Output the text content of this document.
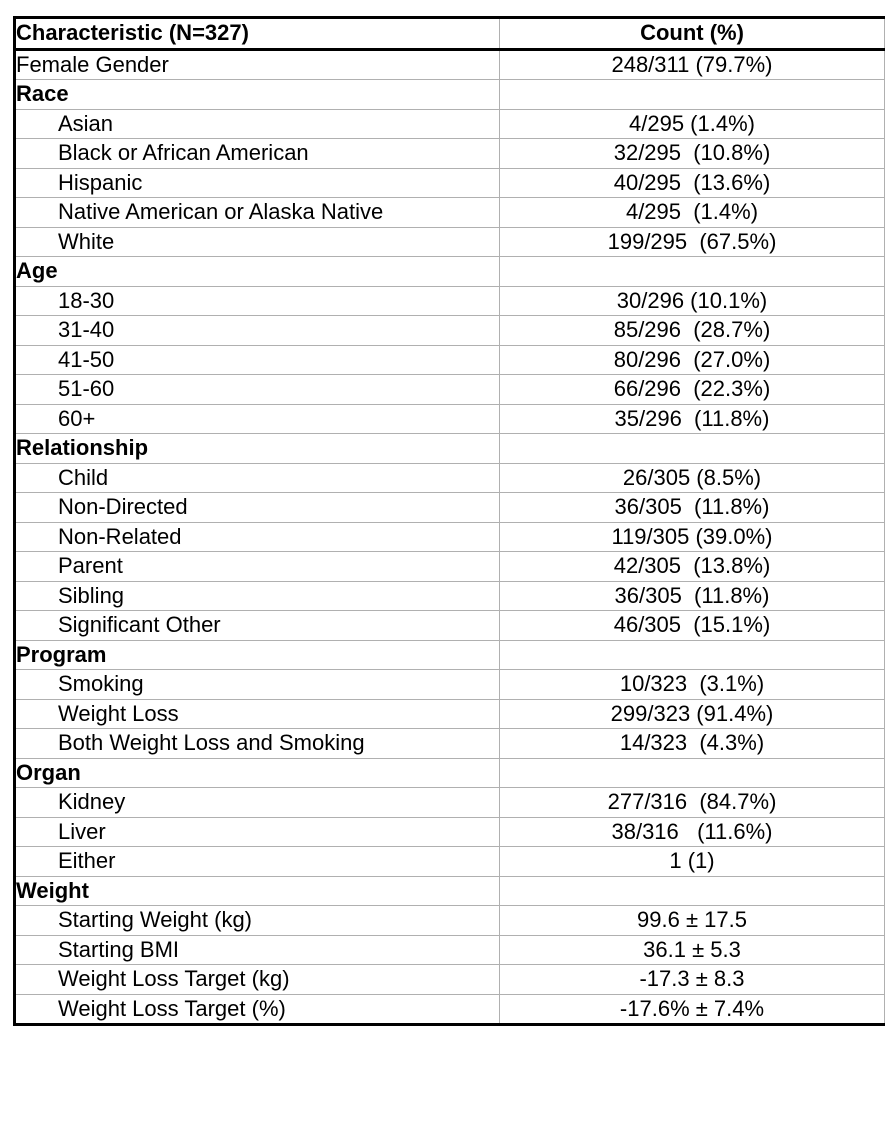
Characteristic (N=327)	Count (%)
Female Gender	248/311 (79.7%)
Race	
Asian	4/295 (1.4%)
Black or African American	32/295  (10.8%)
Hispanic	40/295  (13.6%)
Native American or Alaska Native	4/295  (1.4%)
White	199/295  (67.5%)
Age	
18-30	30/296 (10.1%)
31-40	85/296  (28.7%)
41-50	80/296  (27.0%)
51-60	66/296  (22.3%)
60+	35/296  (11.8%)
Relationship	
Child	26/305 (8.5%)
Non-Directed	36/305  (11.8%)
Non-Related	119/305 (39.0%)
Parent	42/305  (13.8%)
Sibling	36/305  (11.8%)
Significant Other	46/305  (15.1%)
Program	
Smoking	10/323  (3.1%)
Weight Loss	299/323 (91.4%)
Both Weight Loss and Smoking	14/323  (4.3%)
Organ	
Kidney	277/316  (84.7%)
Liver	38/316   (11.6%)
Either	1 (1)
Weight	
Starting Weight (kg)	99.6 ± 17.5
Starting BMI	36.1 ± 5.3
Weight Loss Target (kg)	-17.3 ± 8.3
Weight Loss Target (%)	-17.6% ± 7.4%
